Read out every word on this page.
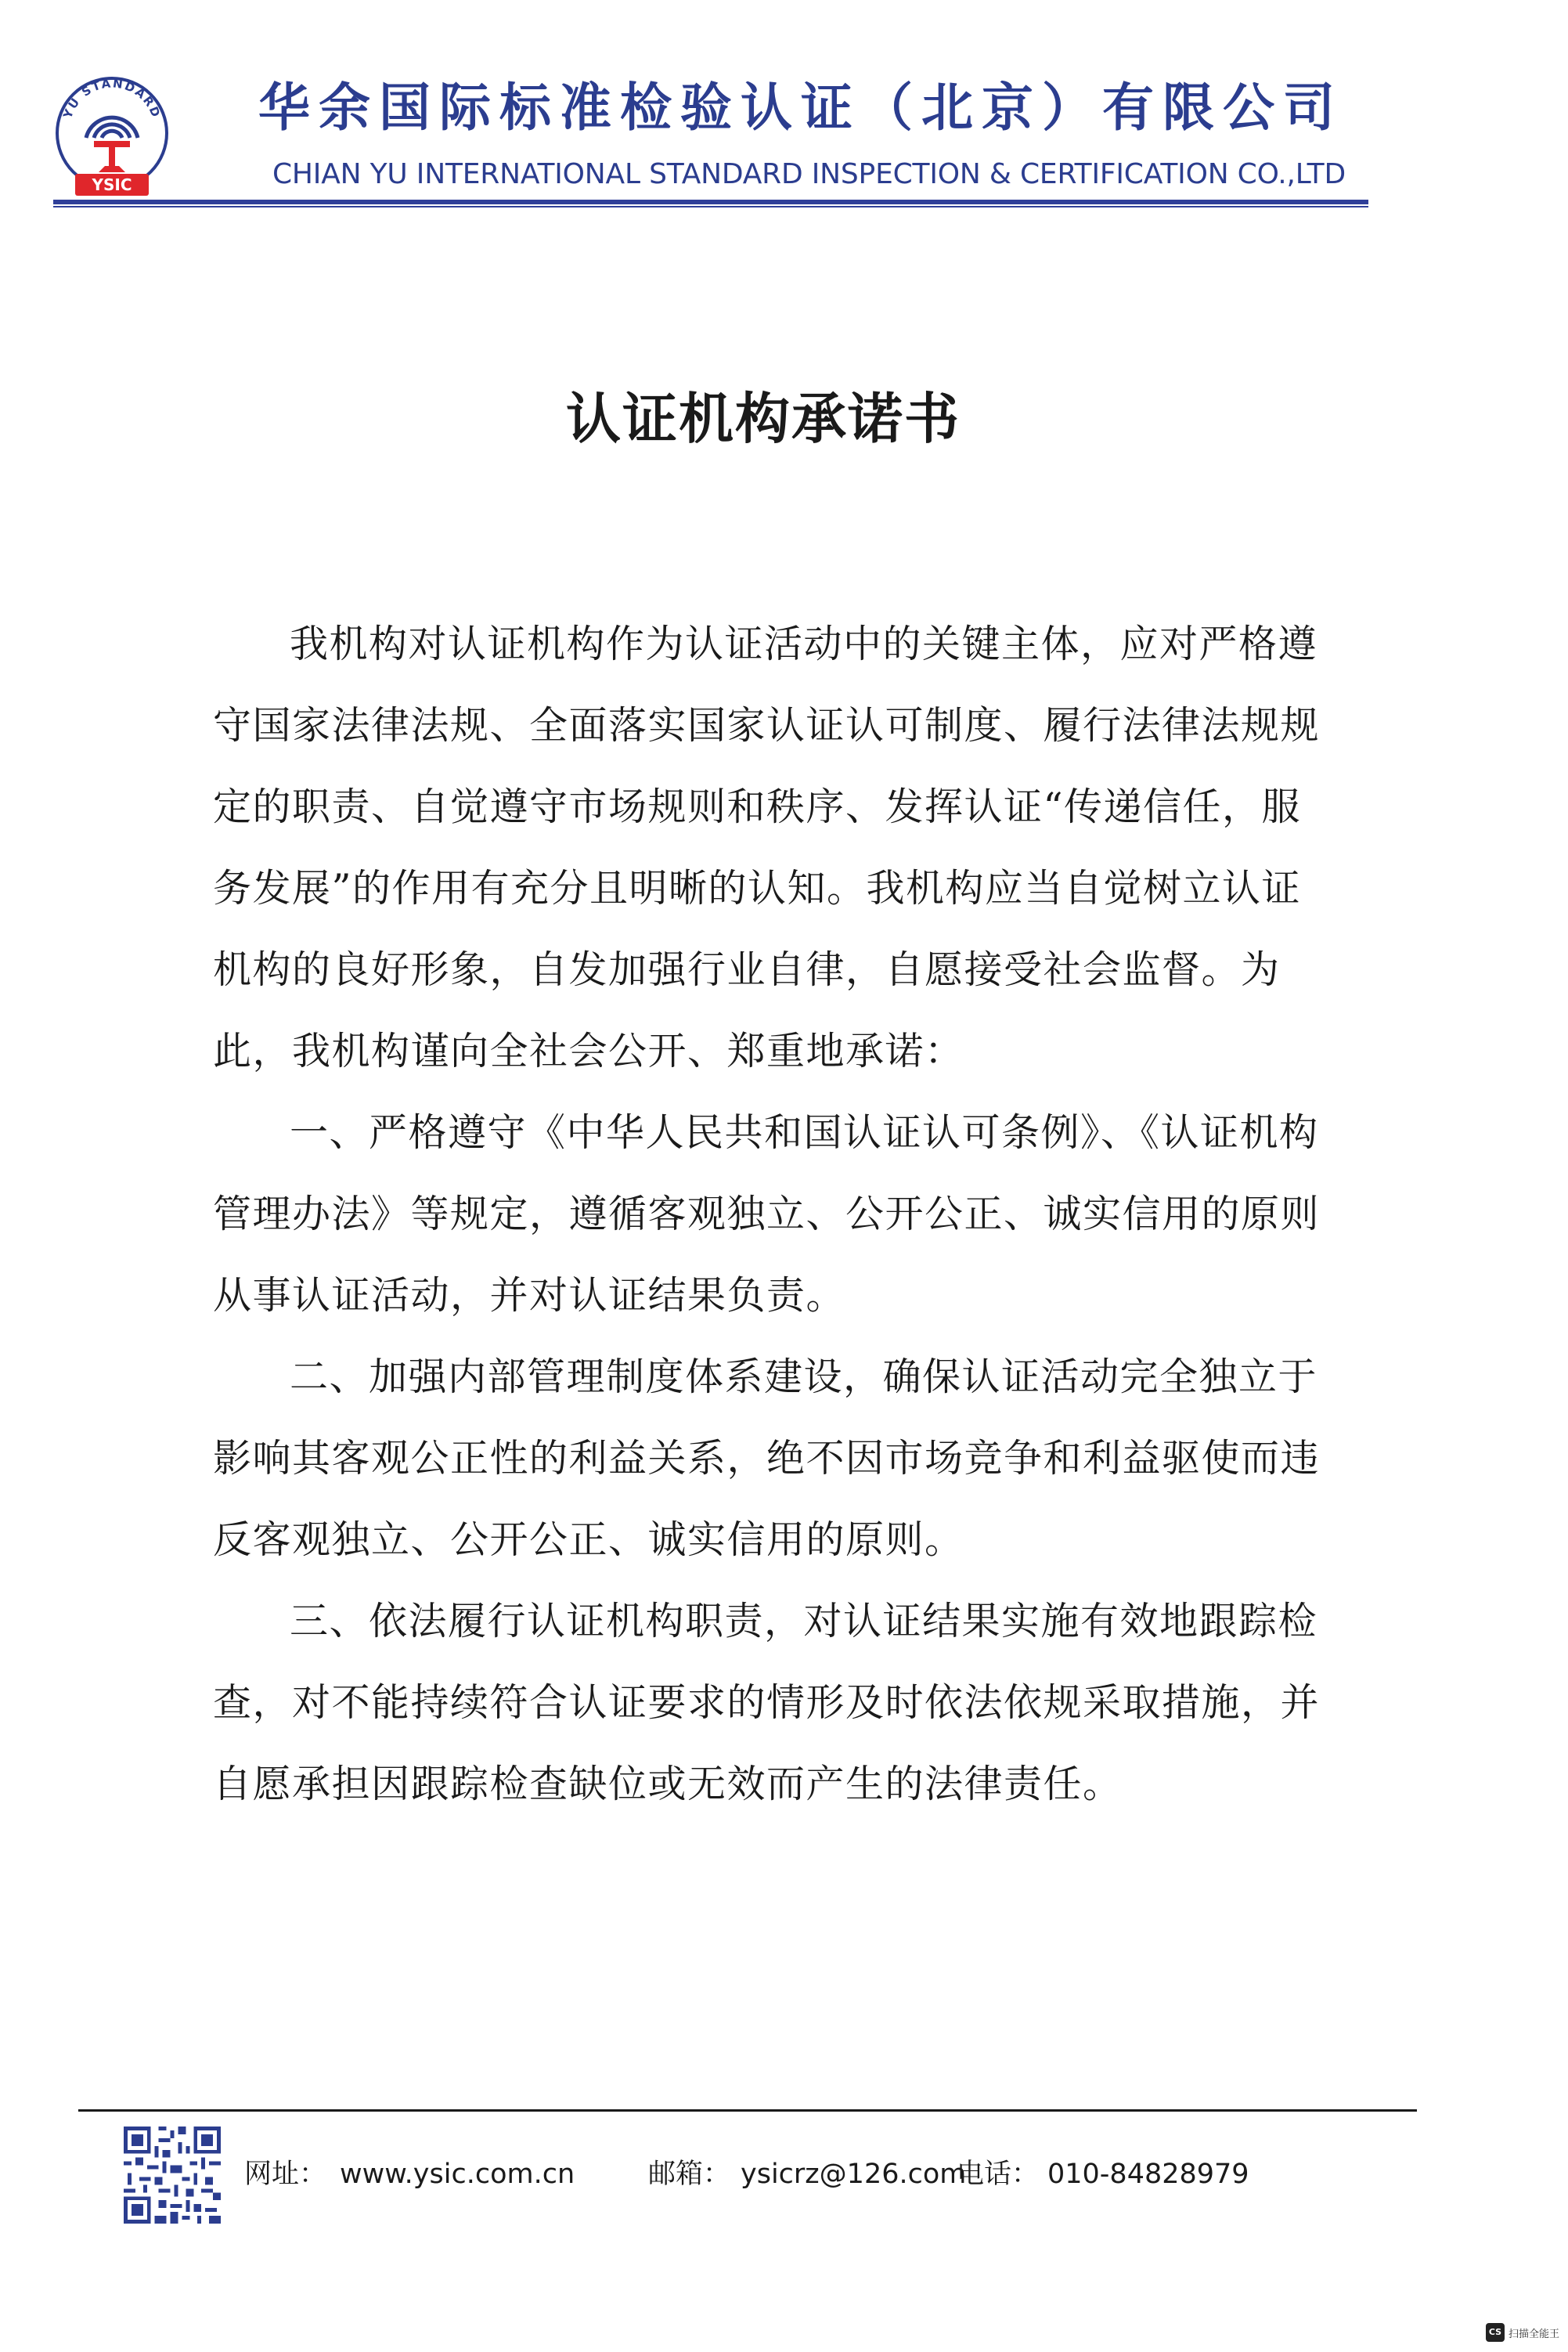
YU STANDARD
YSIC
华余国际标准检验认证（北京）有限公司
CHIAN YU INTERNATIONAL STANDARD INSPECTION & CERTIFICATION CO.,LTD
认证机构承诺书

我机构对认证机构作为认证活动中的关键主体，应对严格遵守国家法律法规、全面落实国家认证认可制度、履行法律法规规定的职责、自觉遵守市场规则和秩序、发挥认证“传递信任，服务发展”的作用有充分且明晰的认知。我机构应当自觉树立认证机构的良好形象，自发加强行业自律，自愿接受社会监督。为此，我机构谨向全社会公开、郑重地承诺：

一、严格遵守《中华人民共和国认证认可条例》、《认证机构管理办法》等规定，遵循客观独立、公开公正、诚实信用的原则从事认证活动，并对认证结果负责。

二、加强内部管理制度体系建设，确保认证活动完全独立于影响其客观公正性的利益关系，绝不因市场竞争和利益驱使而违反客观独立、公开公正、诚实信用的原则。

三、依法履行认证机构职责，对认证结果实施有效地跟踪检查，对不能持续符合认证要求的情形及时依法依规采取措施，并自愿承担因跟踪检查缺位或无效而产生的法律责任。

网址： www.ysic.com.cn	邮箱： ysicrz@126.com
电话： 010-84828979
CS 扫描全能王
